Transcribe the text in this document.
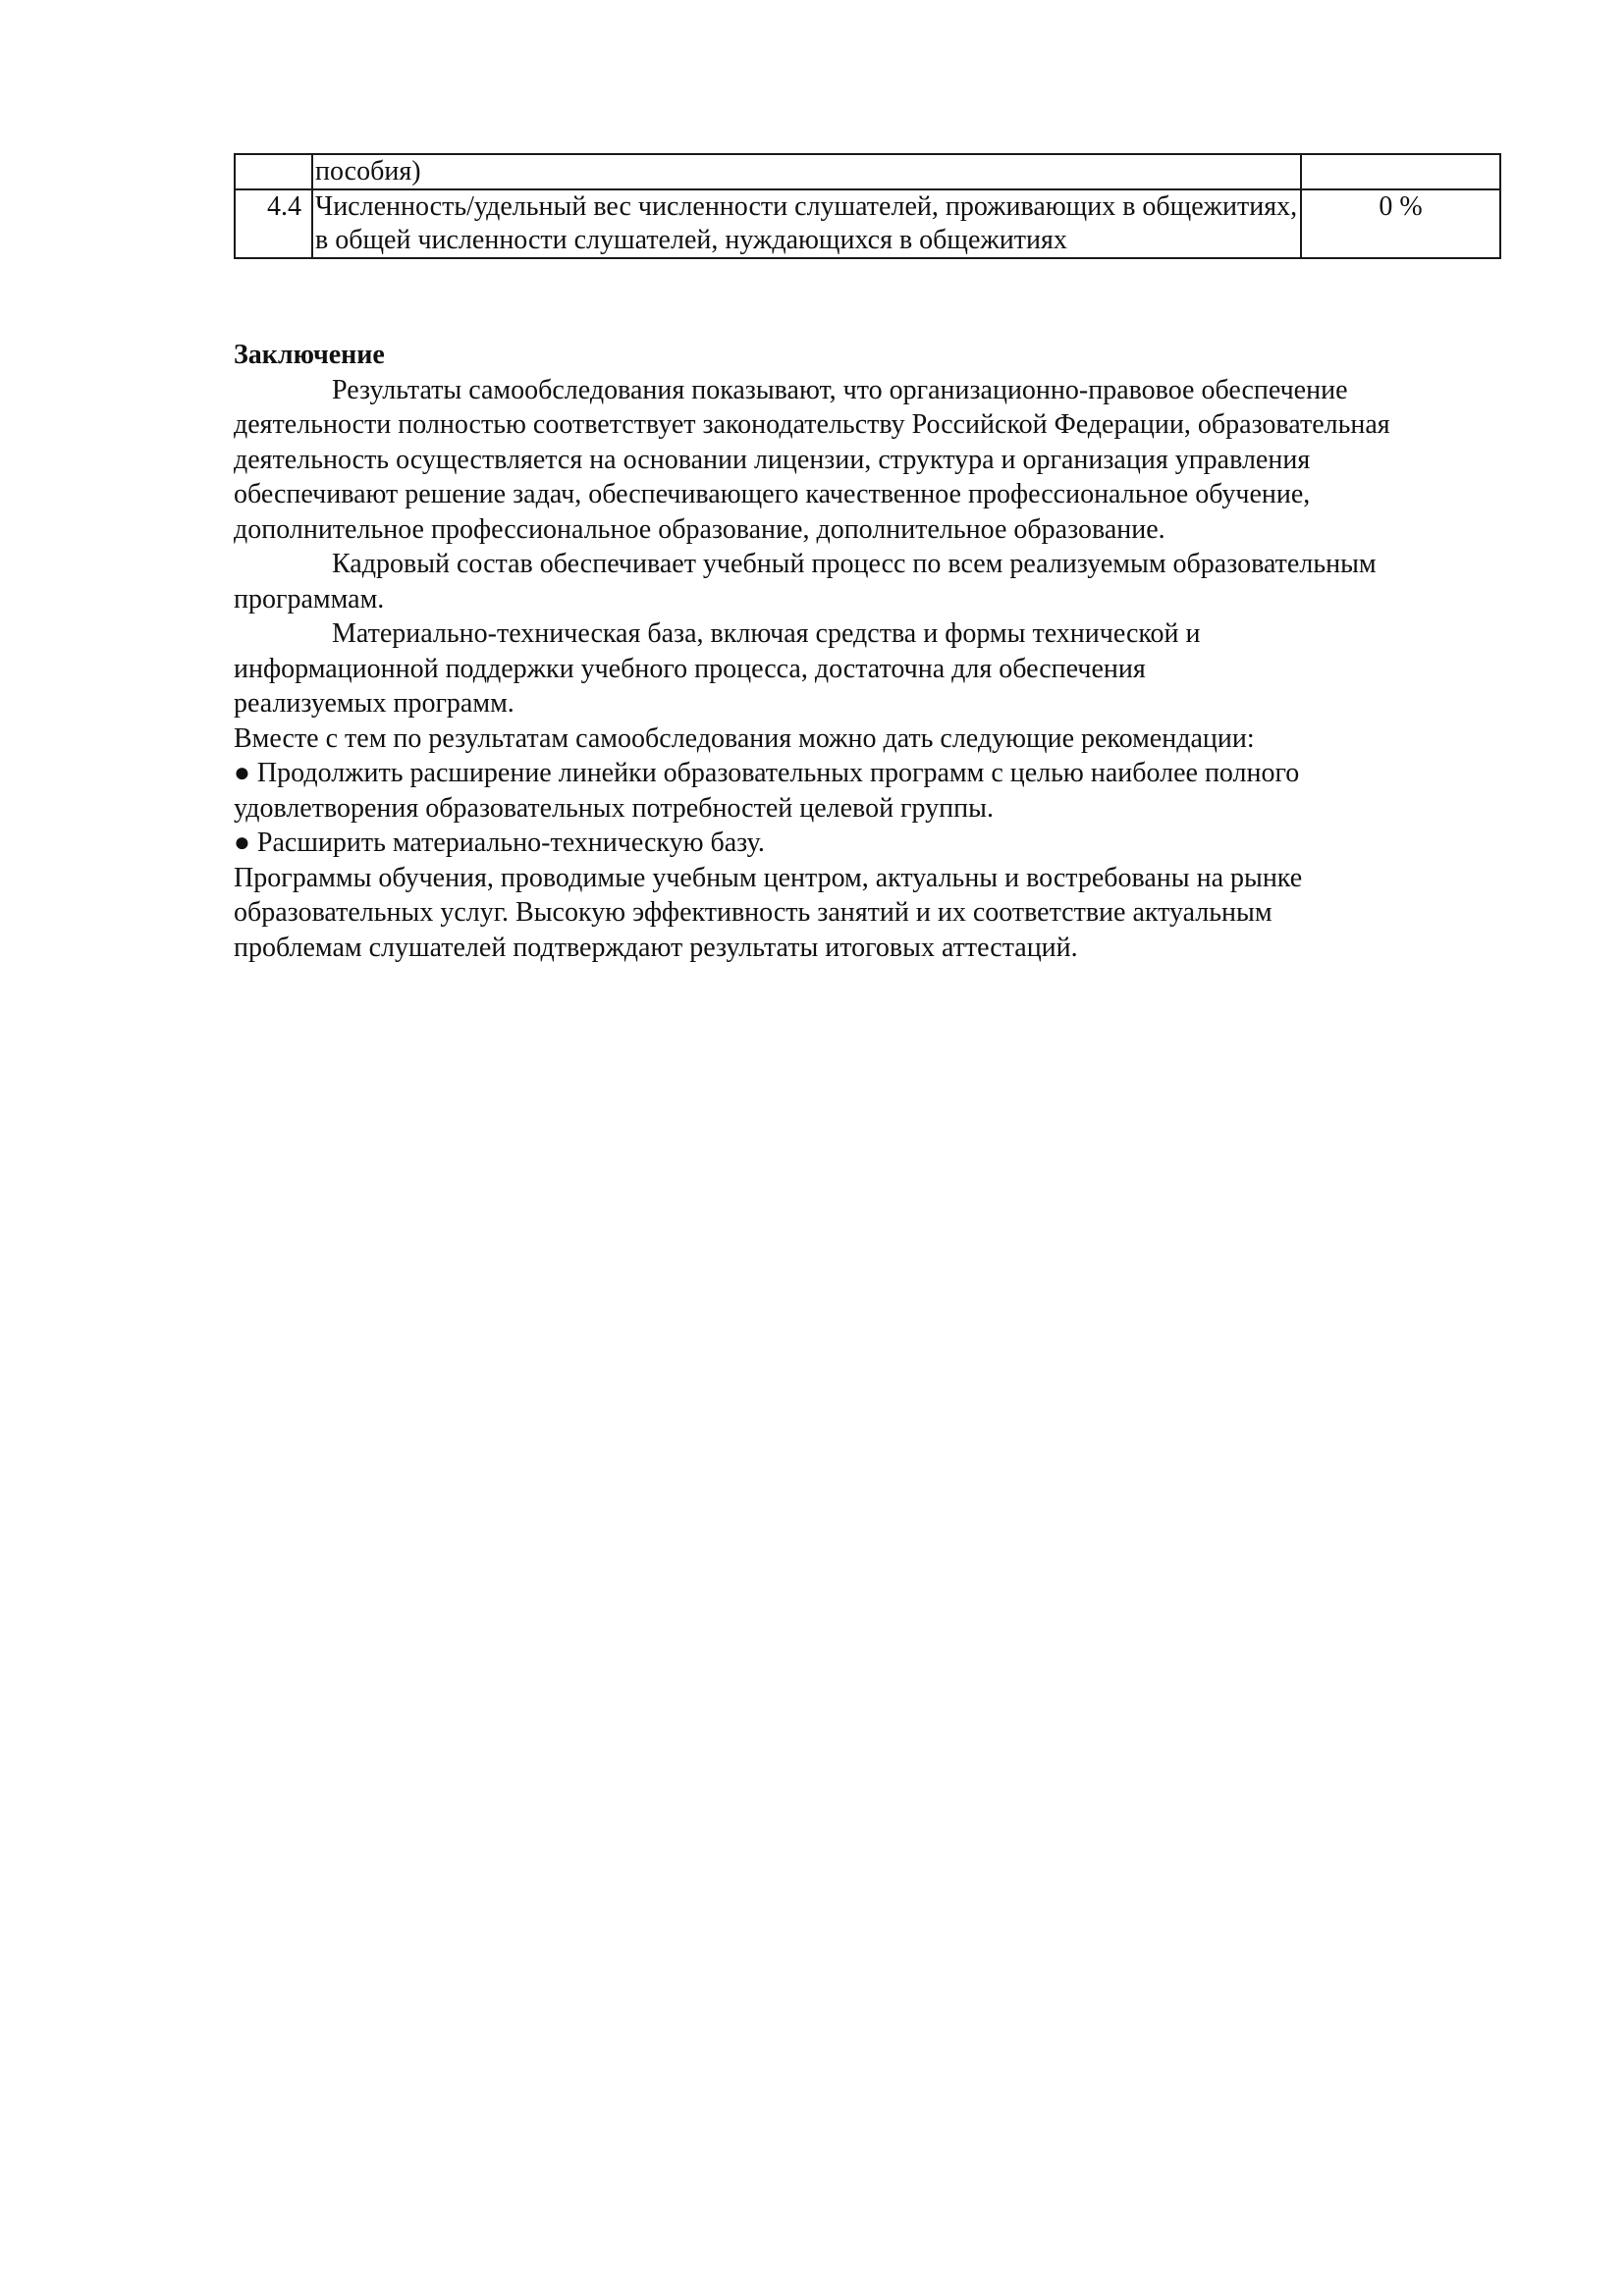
	пособия)	
4.4	Численность/удельный вес численности слушателей, проживающих в общежитиях, в общей численности слушателей, нуждающихся в общежитиях	0 %
Заключение

Результаты самообследования показывают, что организационно-правовое обеспечение
деятельности полностью соответствует законодательству Российской Федерации, образовательная
деятельность осуществляется на основании лицензии, структура и организация управления
обеспечивают решение задач, обеспечивающего качественное профессиональное обучение,
дополнительное профессиональное образование, дополнительное образование.

Кадровый состав обеспечивает учебный процесс по всем реализуемым образовательным
программам.

Материально-техническая база, включая средства и формы технической и
информационной поддержки учебного процесса, достаточна для обеспечения
реализуемых программ.

Вместе с тем по результатам самообследования можно дать следующие рекомендации:

● Продолжить расширение линейки образовательных программ с целью наиболее полного
удовлетворения образовательных потребностей целевой группы.

● Расширить материально-техническую базу.

Программы обучения, проводимые учебным центром, актуальны и востребованы на рынке
образовательных услуг. Высокую эффективность занятий и их соответствие актуальным
проблемам слушателей подтверждают результаты итоговых аттестаций.
